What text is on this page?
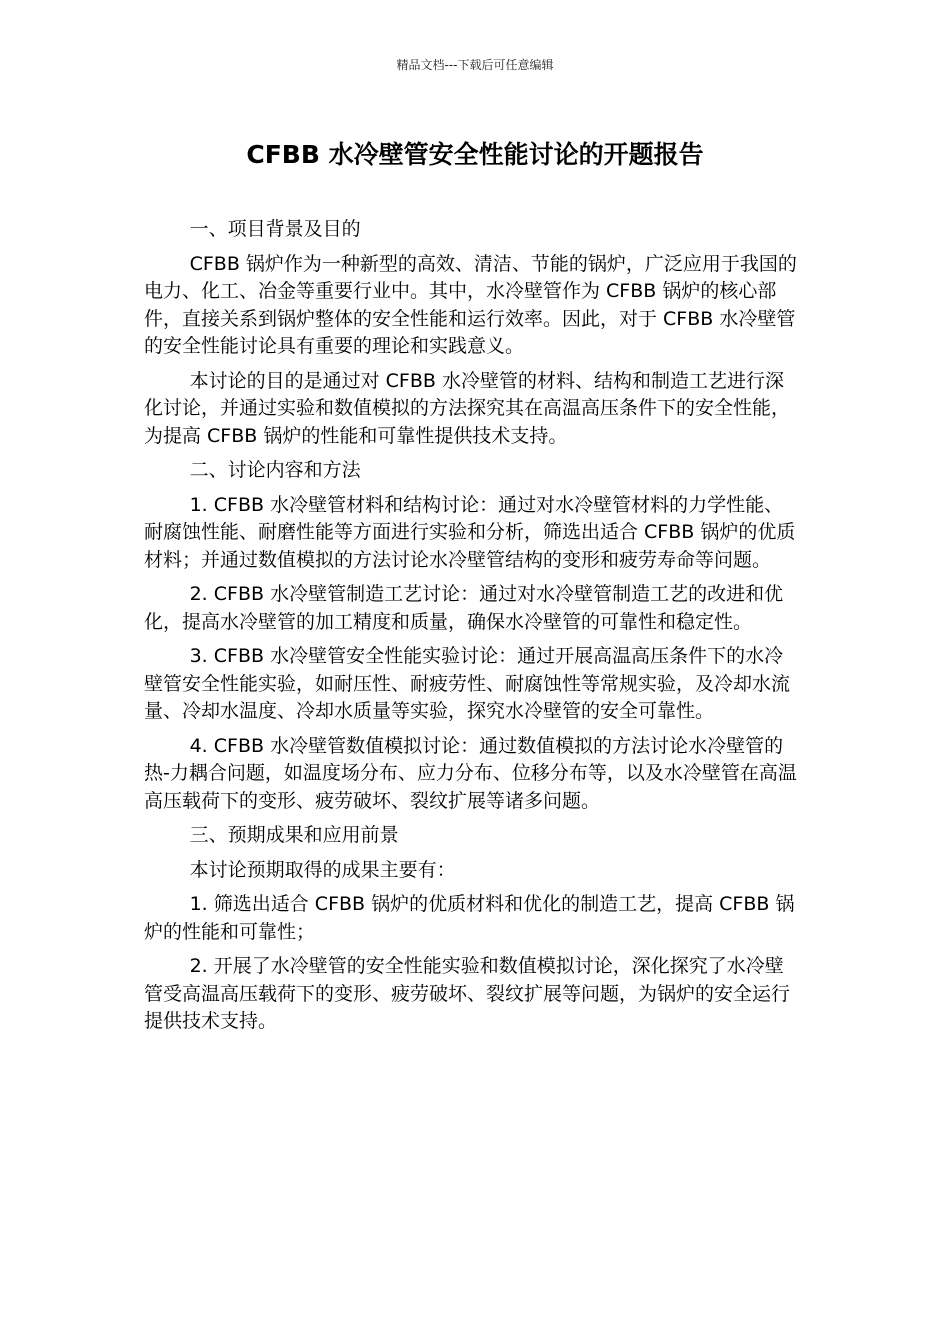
精品文档---下载后可任意编辑
CFBB 水冷壁管安全性能讨论的开题报告

一、项目背景及目的

CFBB 锅炉作为一种新型的高效、清洁、节能的锅炉，广泛应用于我国的电力、化工、冶金等重要行业中。其中，水冷壁管作为 CFBB 锅炉的核心部件，直接关系到锅炉整体的安全性能和运行效率。因此，对于 CFBB 水冷壁管的安全性能讨论具有重要的理论和实践意义。

本讨论的目的是通过对 CFBB 水冷壁管的材料、结构和制造工艺进行深化讨论，并通过实验和数值模拟的方法探究其在高温高压条件下的安全性能，为提高 CFBB 锅炉的性能和可靠性提供技术支持。

二、讨论内容和方法

1. CFBB 水冷壁管材料和结构讨论：通过对水冷壁管材料的力学性能、耐腐蚀性能、耐磨性能等方面进行实验和分析，筛选出适合 CFBB 锅炉的优质材料；并通过数值模拟的方法讨论水冷壁管结构的变形和疲劳寿命等问题。

2. CFBB 水冷壁管制造工艺讨论：通过对水冷壁管制造工艺的改进和优化，提高水冷壁管的加工精度和质量，确保水冷壁管的可靠性和稳定性。

3. CFBB 水冷壁管安全性能实验讨论：通过开展高温高压条件下的水冷壁管安全性能实验，如耐压性、耐疲劳性、耐腐蚀性等常规实验，及冷却水流量、冷却水温度、冷却水质量等实验，探究水冷壁管的安全可靠性。

4. CFBB 水冷壁管数值模拟讨论：通过数值模拟的方法讨论水冷壁管的热-力耦合问题，如温度场分布、应力分布、位移分布等，以及水冷壁管在高温高压载荷下的变形、疲劳破坏、裂纹扩展等诸多问题。

三、预期成果和应用前景

本讨论预期取得的成果主要有：

1. 筛选出适合 CFBB 锅炉的优质材料和优化的制造工艺，提高 CFBB 锅炉的性能和可靠性；

2. 开展了水冷壁管的安全性能实验和数值模拟讨论，深化探究了水冷壁管受高温高压载荷下的变形、疲劳破坏、裂纹扩展等问题，为锅炉的安全运行提供技术支持。
